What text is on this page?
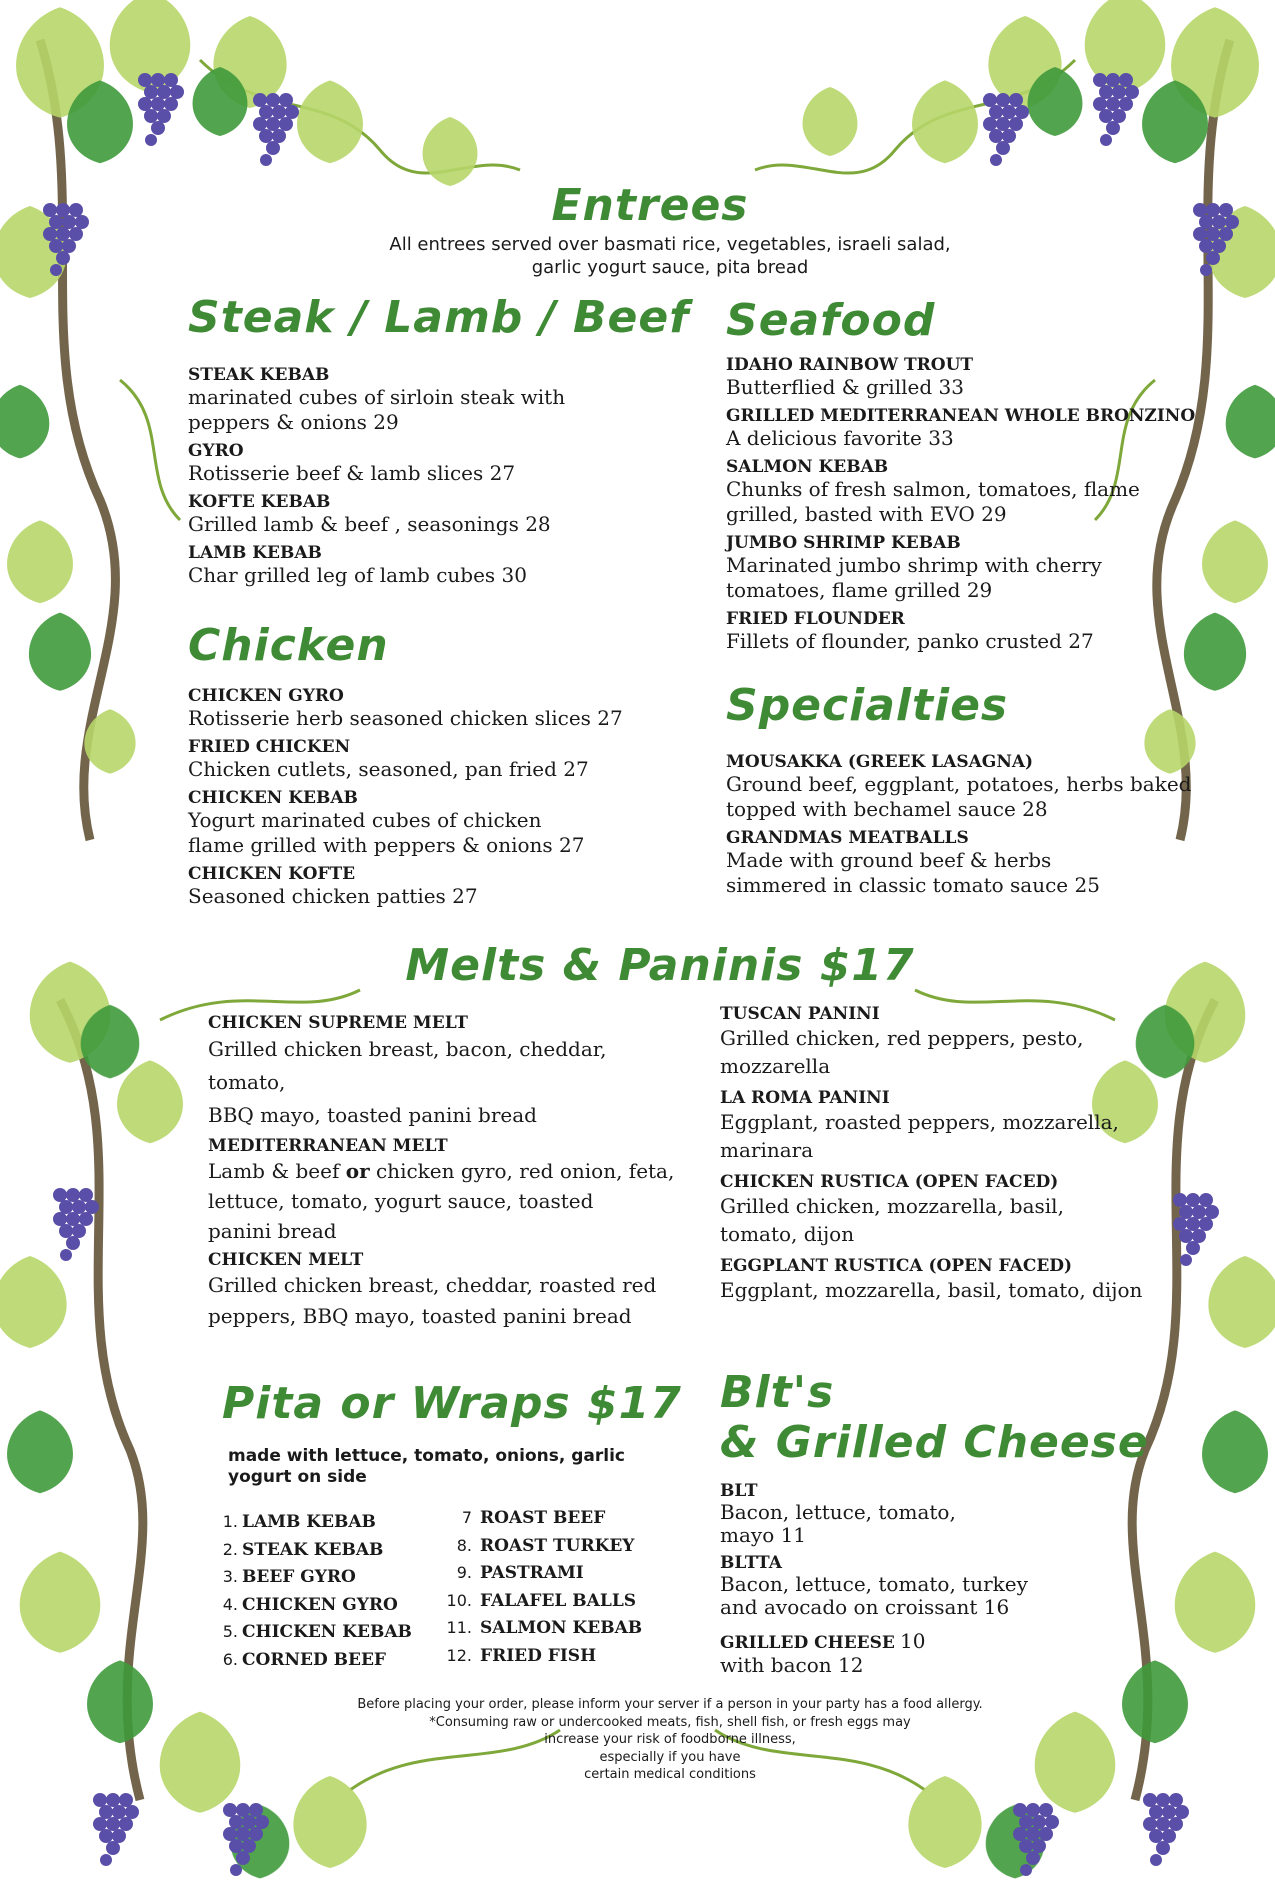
Entrees
All entrees served over basmati rice, vegetables, israeli salad,
garlic yogurt sauce, pita bread
Steak / Lamb / Beef
STEAK KEBAB
marinated cubes of sirloin steak with
peppers & onions 29
GYRO
Rotisserie beef & lamb slices 27
KOFTE KEBAB
Grilled lamb & beef , seasonings 28
LAMB KEBAB
Char grilled leg of lamb cubes 30
Chicken
CHICKEN GYRO
Rotisserie herb seasoned chicken slices 27
FRIED CHICKEN
Chicken cutlets, seasoned, pan fried 27
CHICKEN KEBAB
Yogurt marinated cubes of chicken
flame grilled with peppers & onions 27
CHICKEN KOFTE
Seasoned chicken patties 27
Seafood
IDAHO RAINBOW TROUT
Butterflied & grilled 33
GRILLED MEDITERRANEAN WHOLE BRONZINO
A delicious favorite 33
SALMON KEBAB
Chunks of fresh salmon, tomatoes, flame
grilled, basted with EVO 29
JUMBO SHRIMP KEBAB
Marinated jumbo shrimp with cherry
tomatoes, flame grilled 29
FRIED FLOUNDER
Fillets of flounder, panko crusted 27
Specialties
MOUSAKKA (GREEK LASAGNA)
Ground beef, eggplant, potatoes, herbs baked
topped with bechamel sauce 28
GRANDMAS MEATBALLS
Made with ground beef & herbs
simmered in classic tomato sauce 25
Melts & Paninis $17
CHICKEN SUPREME MELT
Grilled chicken breast, bacon, cheddar, tomato,
BBQ mayo, toasted panini bread
MEDITERRANEAN MELT
Lamb & beef or chicken gyro, red onion, feta,
lettuce, tomato, yogurt sauce, toasted
panini bread
CHICKEN MELT
Grilled chicken breast, cheddar, roasted red
peppers, BBQ mayo, toasted panini bread
TUSCAN PANINI
Grilled chicken, red peppers, pesto,
mozzarella
LA ROMA PANINI
Eggplant, roasted peppers, mozzarella,
marinara
CHICKEN RUSTICA (OPEN FACED)
Grilled chicken, mozzarella, basil,
tomato, dijon
EGGPLANT RUSTICA (OPEN FACED)
Eggplant, mozzarella, basil, tomato, dijon
Pita or Wraps $17
made with lettuce, tomato, onions, garlic
yogurt on side
1. LAMB KEBAB
2. STEAK KEBAB
3. BEEF GYRO
4. CHICKEN GYRO
5. CHICKEN KEBAB
6. CORNED BEEF
7 ROAST BEEF
8. ROAST TURKEY
9. PASTRAMI
10. FALAFEL BALLS
11. SALMON KEBAB
12. FRIED FISH
Blt's
& Grilled Cheese
BLT
Bacon, lettuce, tomato,
mayo 11
BLTTA
Bacon, lettuce, tomato, turkey
and avocado on croissant 16
GRILLED CHEESE 10
with bacon 12
Before placing your order, please inform your server if a person in your party has a food allergy.
*Consuming raw or undercooked meats, fish, shell fish, or fresh eggs may
increase your risk of foodborne illness,
especially if you have
certain medical conditions
